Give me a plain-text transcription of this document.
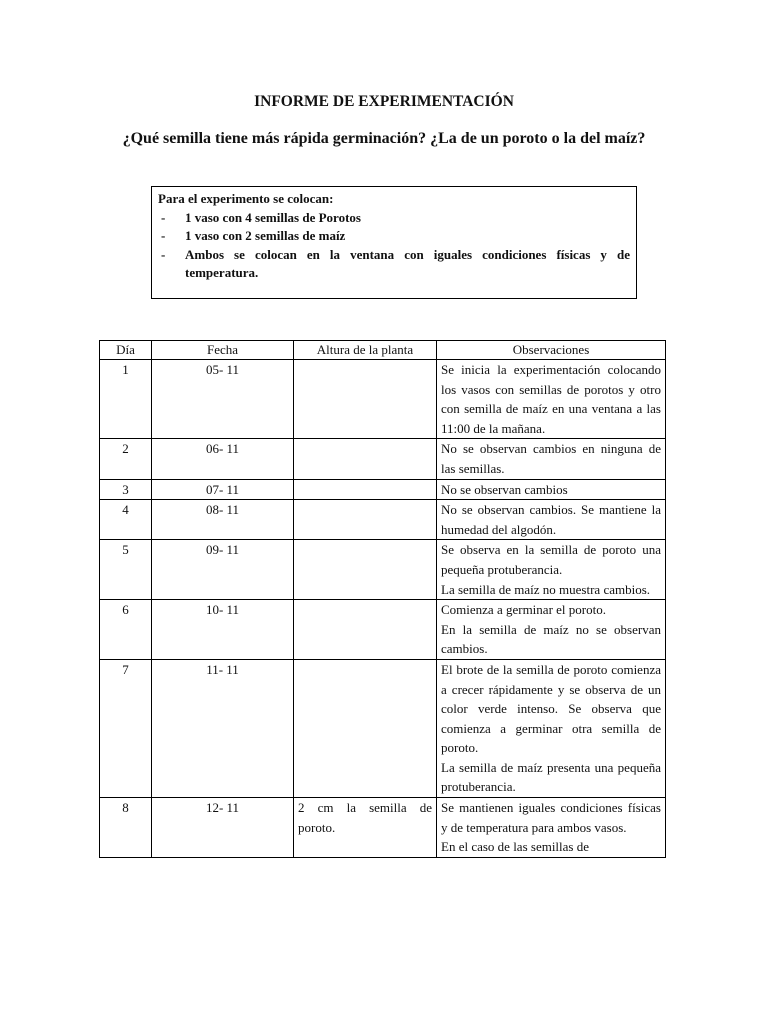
INFORME DE EXPERIMENTACIÓN
¿Qué semilla tiene más rápida germinación? ¿La de un poroto o la del maíz?
Para el experimento se colocan:
- 1 vaso con 4 semillas de Porotos
- 1 vaso con 2 semillas de maíz
- Ambos se colocan en la ventana con iguales condiciones físicas y de temperatura.
Día	Fecha	Altura de la planta	Observaciones
1	05- 11		Se inicia la experimentación colocando los vasos con semillas de porotos y otro con semilla de maíz en una ventana a las 11:00 de la mañana.

2	06- 11		No se observan cambios en ninguna de las semillas.

3	07- 11		No se observan cambios

4	08- 11		No se observan cambios. Se mantiene la humedad del algodón.

5	09- 11		Se observa en la semilla de poroto una pequeña protuberancia.

La semilla de maíz no muestra cambios.

6	10- 11		Comienza a germinar el poroto.

En la semilla de maíz no se observan cambios.

7	11- 11		El brote de la semilla de poroto comienza a crecer rápidamente y se observa de un color verde intenso. Se observa que comienza a germinar otra semilla de poroto.

La semilla de maíz presenta una pequeña protuberancia.

8	12- 11	2 cm la semilla de poroto.	Se mantienen iguales condiciones físicas y de temperatura para ambos vasos.

En el caso de las semillas de
